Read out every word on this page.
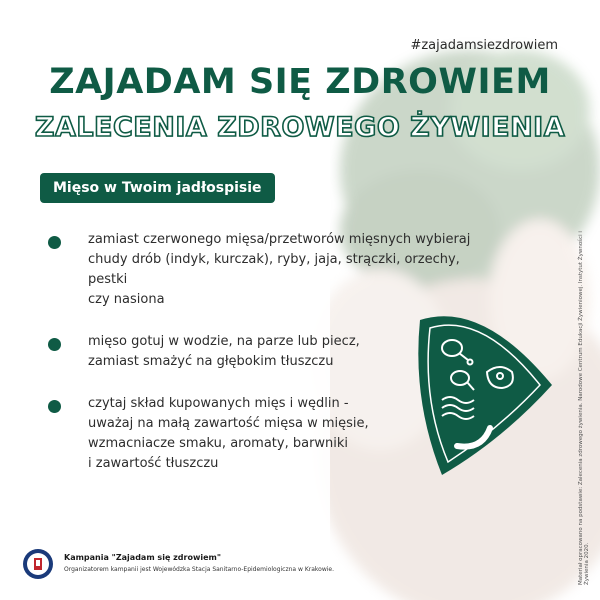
#zajadamsiezdrowiem
ZAJADAM SIĘ ZDROWIEM
ZALECENIA ZDROWEGO ŻYWIENIA
Mięso w Twoim jadłospisie

zamiast czerwonego mięsa/przetworów mięsnych wybieraj

chudy drób (indyk, kurczak), ryby, jaja, strączki, orzechy, pestki

czy nasiona

mięso gotuj w wodzie, na parze lub piecz,

zamiast smażyć na głębokim tłuszczu

czytaj skład kupowanych mięs i wędlin -

uważaj na małą zawartość mięsa w mięsie,

wzmacniacze smaku, aromaty, barwniki

i zawartość tłuszczu	Materiał opracowano na podstawie: Zalecenia zdrowego żywienia. Narodowe Centrum Edukacji Żywieniowej. Instytut Żywności i Żywienia 2020.
Kampania "Zajadam się zdrowiem"
Organizatorem kampanii jest Wojewódzka Stacja Sanitarno-Epidemiologiczna w Krakowie.
